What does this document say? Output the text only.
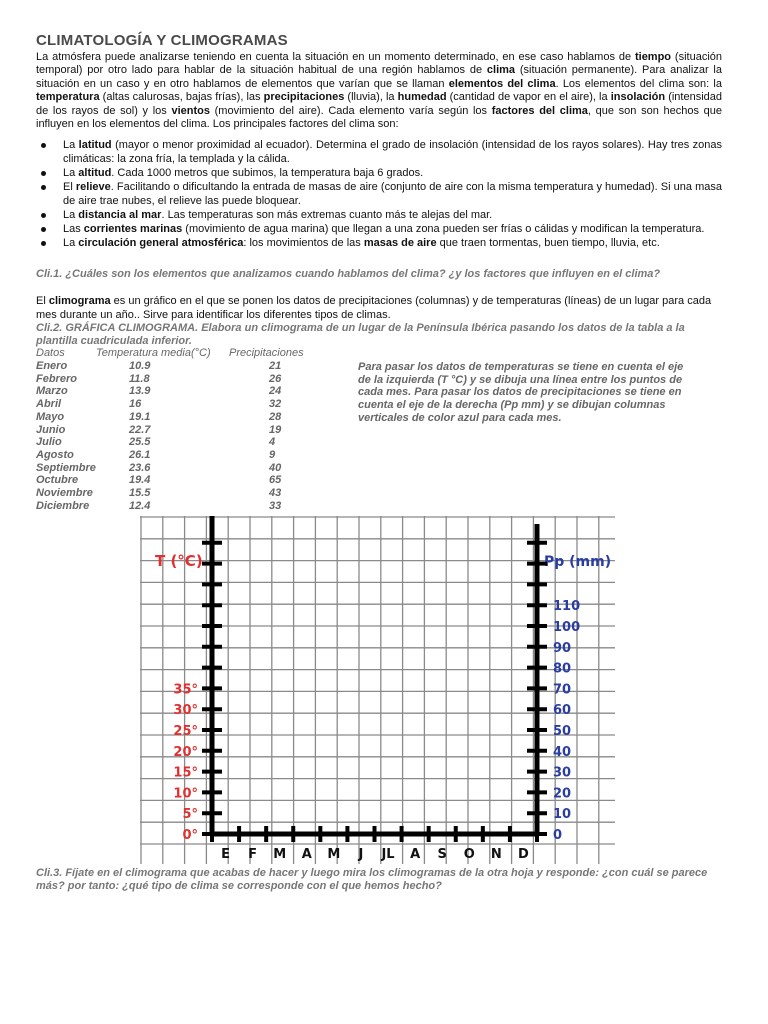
CLIMATOLOGÍA Y CLIMOGRAMAS
La atmósfera puede analizarse teniendo en cuenta la situación en un momento determinado, en ese caso hablamos de tiempo (situación temporal) por otro lado para hablar de la situación habitual de una región hablamos de clima (situación permanente). Para analizar la situación en un caso y en otro hablamos de elementos que varían que se llaman elementos del clima. Los elementos del clima son: la temperatura (altas calurosas, bajas frías), las precipitaciones (lluvia), la humedad (cantidad de vapor en el aire), la insolación (intensidad de los rayos de sol) y los vientos (movimiento del aire). Cada elemento varía según los factores del clima, que son son hechos que influyen en los elementos del clima. Los principales factores del clima son:
La latitud (mayor o menor proximidad al ecuador). Determina el grado de insolación (intensidad de los rayos solares). Hay tres zonas climáticas: la zona fría, la templada y la cálida.
La altitud. Cada 1000 metros que subimos, la temperatura baja 6 grados.
El relieve. Facilitando o dificultando la entrada de masas de aire (conjunto de aire con la misma temperatura y humedad). Si una masa de aire trae nubes, el relieve las puede bloquear.
La distancia al mar. Las temperaturas son más extremas cuanto más te alejas del mar.
Las corrientes marinas (movimiento de agua marina) que llegan a una zona pueden ser frías o cálidas y modifican la temperatura.
La circulación general atmosférica: los movimientos de las masas de aire que traen tormentas, buen tiempo, lluvia, etc.
Cli.1. ¿Cuáles son los elementos que analizamos cuando hablamos del clima? ¿y los factores que influyen en el clima?
El climograma es un gráfico en el que se ponen los datos de precipitaciones (columnas) y de temperaturas (líneas) de un lugar para cada mes durante un año.. Sirve para identificar los diferentes tipos de climas.
Cli.2. GRÁFICA CLIMOGRAMA. Elabora un climograma de un lugar de la Península Ibérica pasando los datos de la tabla a la plantilla cuadriculada inferior.
Datos	Temperatura media(°C) Precipitaciones
Enero	10.9	21
Febrero	11.8	26
Marzo	13.9	24
Abril	16	32
Mayo	19.1	28
Junio	22.7	19
Julio	25.5	4
Agosto	26.1	9
Septiembre	23.6	40
Octubre	19.4	65
Noviembre	15.5	43
Diciembre	12.4	33
Para pasar los datos de temperaturas se tiene en cuenta el eje de la izquierda (T °C) y se dibuja una línea entre los puntos de cada mes. Para pasar los datos de precipitaciones se tiene en cuenta el eje de la derecha (Pp mm) y se dibujan columnas verticales de color azul para cada mes.
Cli.3. Fíjate en el climograma que acabas de hacer y luego mira los climogramas de la otra hoja y responde: ¿con cuál se parece más? por tanto: ¿qué tipo de clima se corresponde con el que hemos hecho?
T (°C)	Pp (mm)
0°
5°
10°
15°
20°
25°
30°
35°
0
10
20
30
40
50
60
70
80
90
100
110
E F M A M J JL A S O N D
